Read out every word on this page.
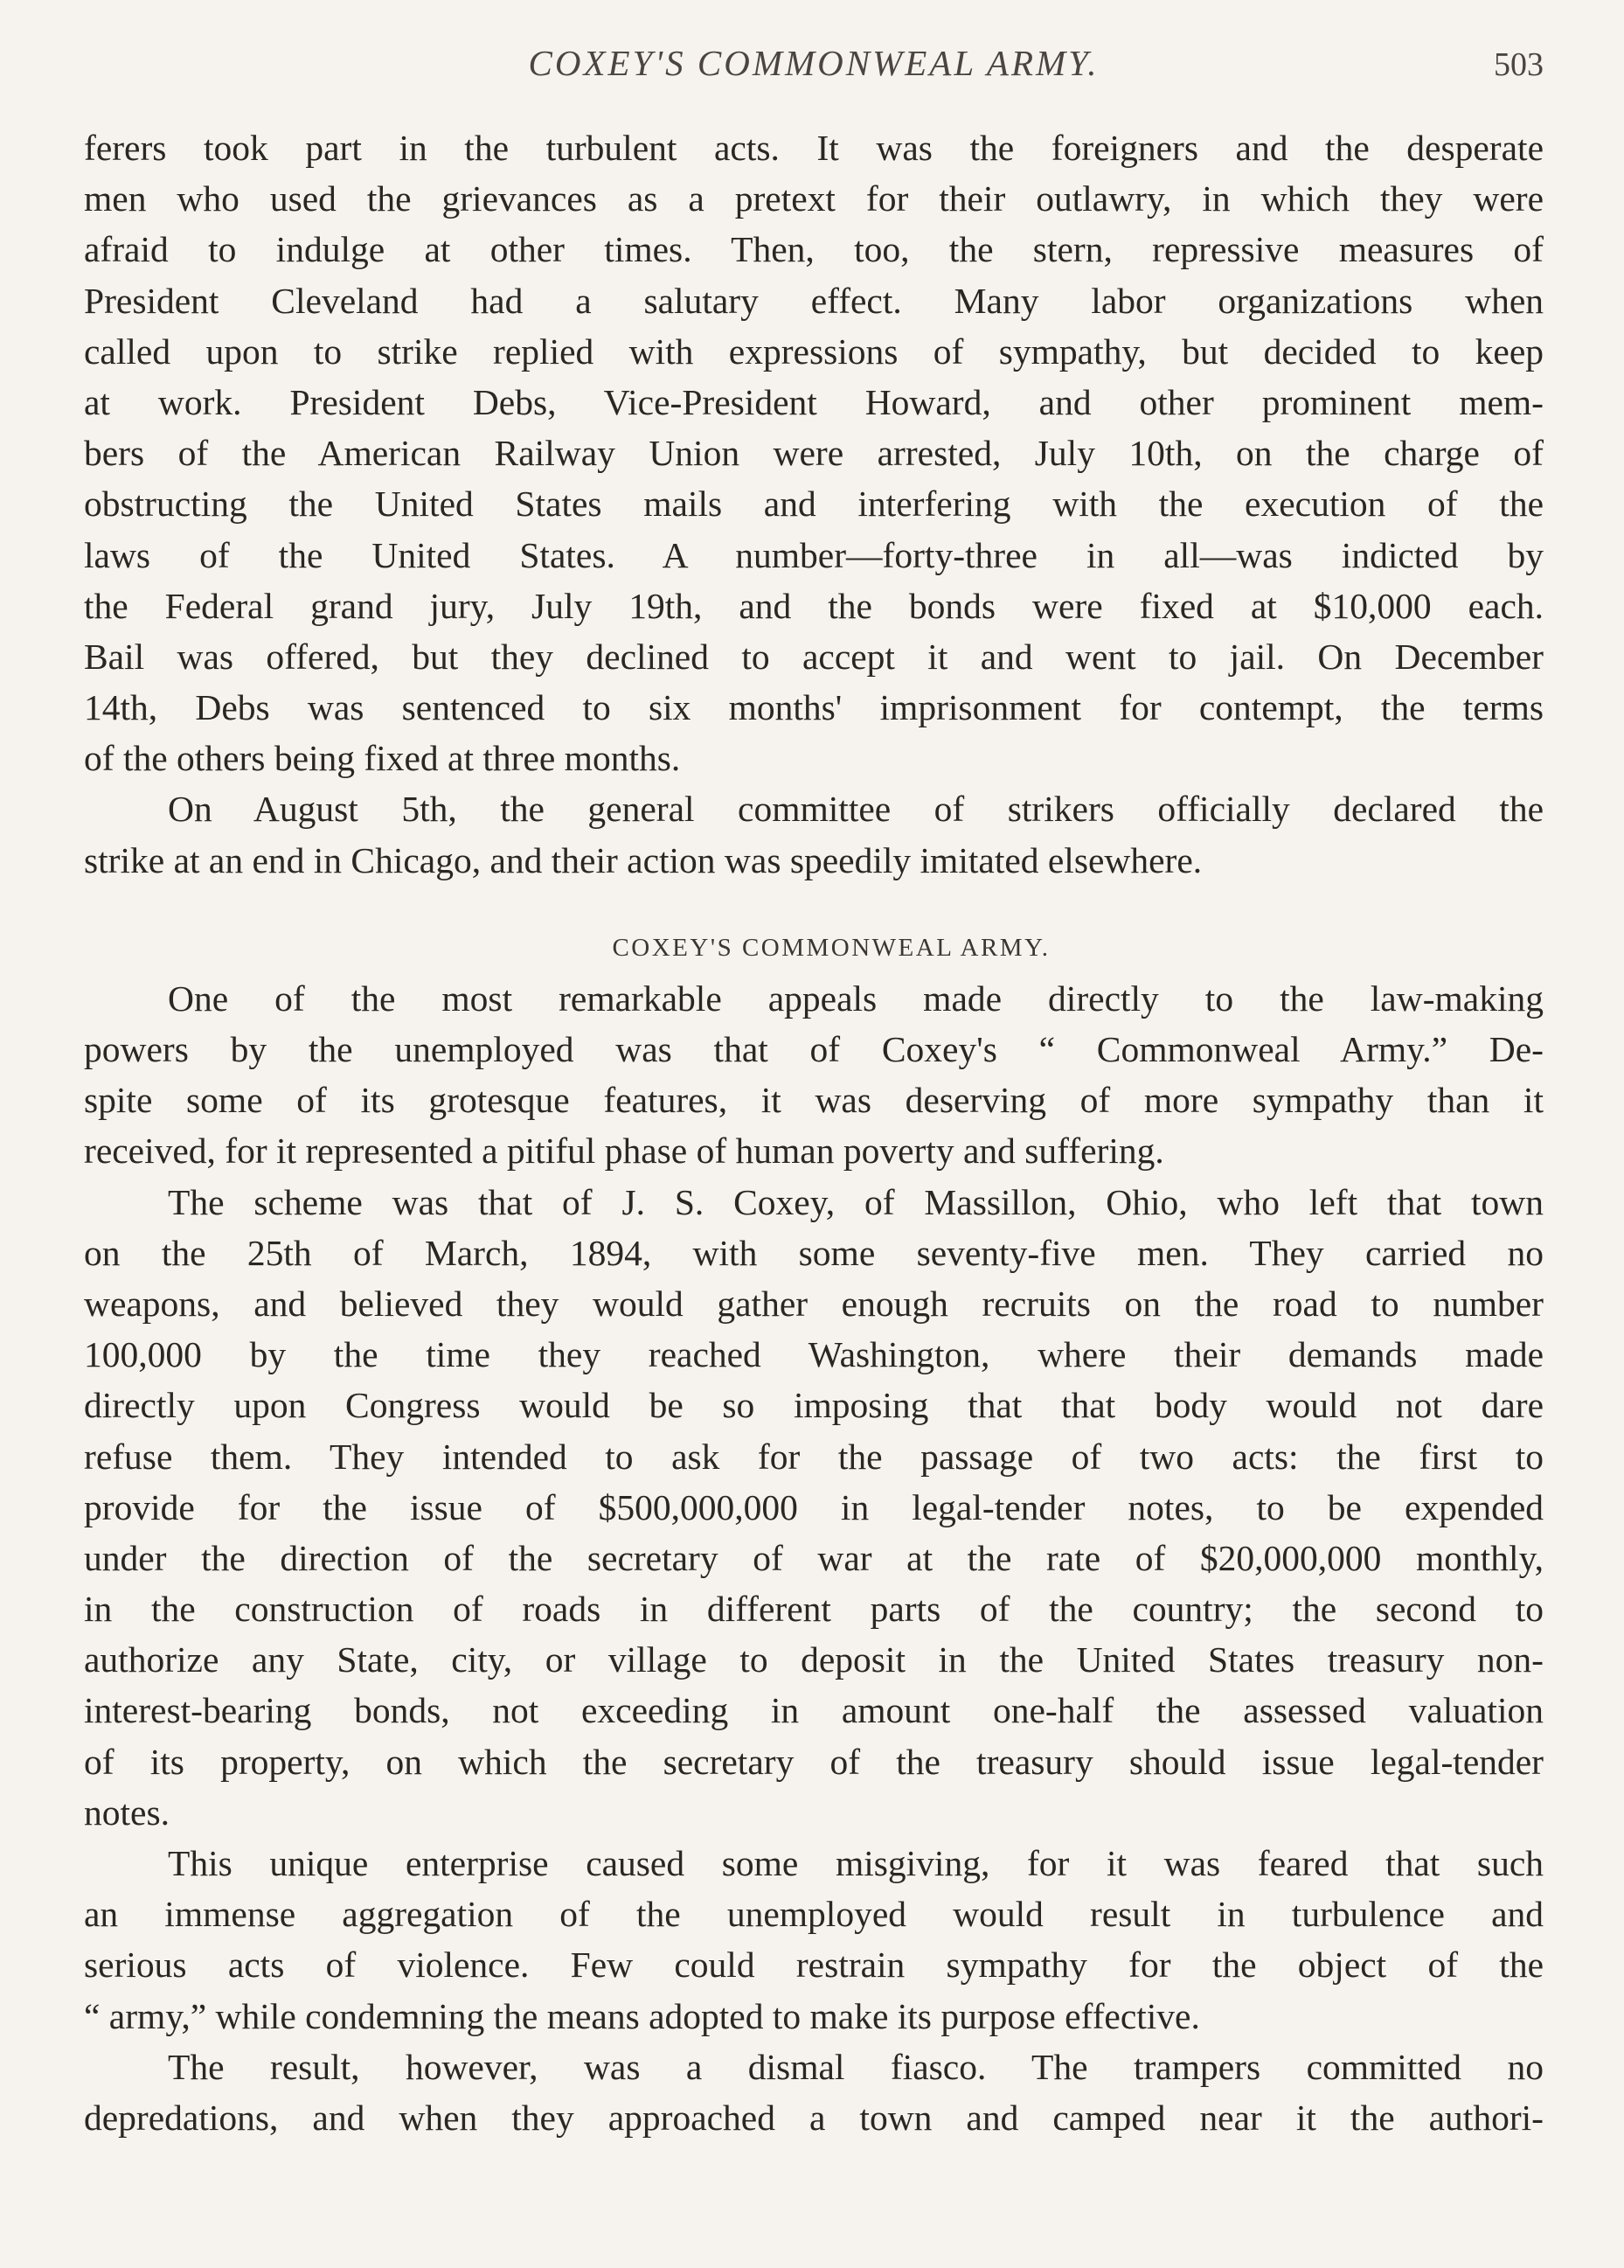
COXEY'S COMMONWEAL ARMY.	503
ferers took part in the turbulent acts. It was the foreigners and the desperate
men who used the grievances as a pretext for their outlawry, in which they were
afraid to indulge at other times. Then, too, the stern, repressive measures of
President Cleveland had a salutary effect. Many labor organizations when
called upon to strike replied with expressions of sympathy, but decided to keep
at work. President Debs, Vice-President Howard, and other prominent mem-
bers of the American Railway Union were arrested, July 10th, on the charge of
obstructing the United States mails and interfering with the execution of the
laws of the United States. A number—forty-three in all—was indicted by
the Federal grand jury, July 19th, and the bonds were fixed at $10,000 each.
Bail was offered, but they declined to accept it and went to jail. On December
14th, Debs was sentenced to six months' imprisonment for contempt, the terms
of the others being fixed at three months.
On August 5th, the general committee of strikers officially declared the
strike at an end in Chicago, and their action was speedily imitated elsewhere.
COXEY'S COMMONWEAL ARMY.
One of the most remarkable appeals made directly to the law-making
powers by the unemployed was that of Coxey's “ Commonweal Army.” De-
spite some of its grotesque features, it was deserving of more sympathy than it
received, for it represented a pitiful phase of human poverty and suffering.
The scheme was that of J. S. Coxey, of Massillon, Ohio, who left that town
on the 25th of March, 1894, with some seventy-five men. They carried no
weapons, and believed they would gather enough recruits on the road to number
100,000 by the time they reached Washington, where their demands made
directly upon Congress would be so imposing that that body would not dare
refuse them. They intended to ask for the passage of two acts: the first to
provide for the issue of $500,000,000 in legal-tender notes, to be expended
under the direction of the secretary of war at the rate of $20,000,000 monthly,
in the construction of roads in different parts of the country; the second to
authorize any State, city, or village to deposit in the United States treasury non-
interest-bearing bonds, not exceeding in amount one-half the assessed valuation
of its property, on which the secretary of the treasury should issue legal-tender
notes.
This unique enterprise caused some misgiving, for it was feared that such
an immense aggregation of the unemployed would result in turbulence and
serious acts of violence. Few could restrain sympathy for the object of the
“ army,” while condemning the means adopted to make its purpose effective.
The result, however, was a dismal fiasco. The trampers committed no
depredations, and when they approached a town and camped near it the authori-
